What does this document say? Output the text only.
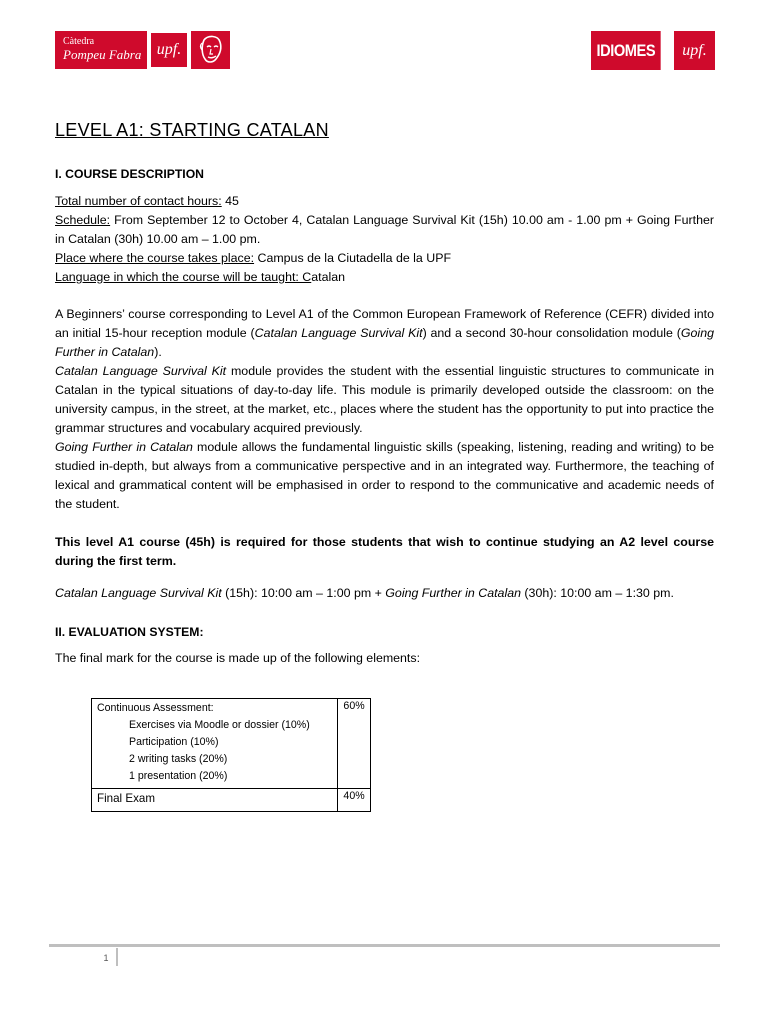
Càtedra
Pompeu Fabra upf.	IDIOMES	upf.
LEVEL A1: STARTING CATALAN

I. COURSE DESCRIPTION

Total number of contact hours: 45

Schedule: From September 12 to October 4, Catalan Language Survival Kit (15h) 10.00 am - 1.00 pm + Going Further in Catalan (30h) 10.00 am – 1.00 pm.

Place where the course takes place: Campus de la Ciutadella de la UPF

Language in which the course will be taught: Catalan

A Beginners’ course corresponding to Level A1 of the Common European Framework of Reference (CEFR) divided into an initial 15-hour reception module (Catalan Language Survival Kit) and a second 30-hour consolidation module (Going Further in Catalan).

Catalan Language Survival Kit module provides the student with the essential linguistic structures to communicate in Catalan in the typical situations of day-to-day life. This module is primarily developed outside the classroom: on the university campus, in the street, at the market, etc., places where the student has the opportunity to put into practice the grammar structures and vocabulary acquired previously.

Going Further in Catalan module allows the fundamental linguistic skills (speaking, listening, reading and writing) to be studied in-depth, but always from a communicative perspective and in an integrated way. Furthermore, the teaching of lexical and grammatical content will be emphasised in order to respond to the communicative and academic needs of the student.

This level A1 course (45h) is required for those students that wish to continue studying an A2 level course during the first term.

Catalan Language Survival Kit (15h): 10:00 am – 1:00 pm + Going Further in Catalan (30h): 10:00 am – 1:30 pm.

II. EVALUATION SYSTEM:

The final mark for the course is made up of the following elements:

Continuous Assessment:
Exercises via Moodle or dossier (10%)
Participation (10%)
2 writing tasks (20%)
1 presentation (20%)	60%
Final Exam	40%
1
